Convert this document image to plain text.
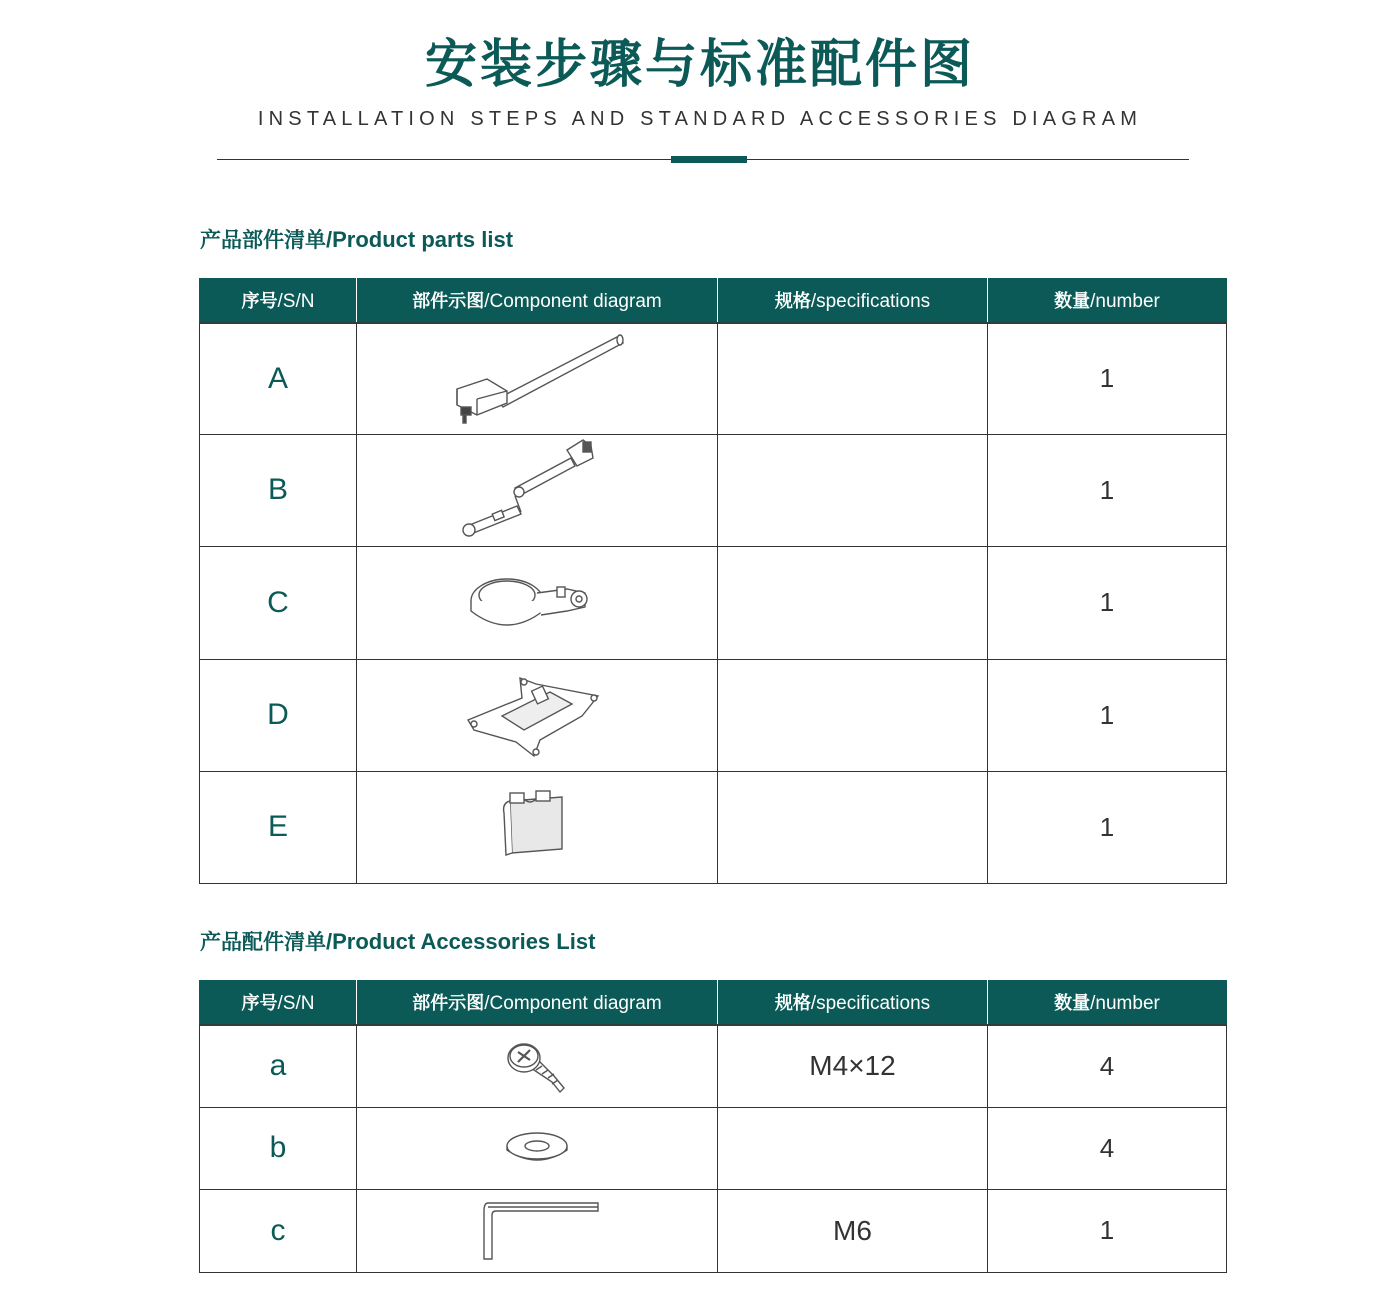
安装步骤与标准配件图

INSTALLATION STEPS AND STANDARD ACCESSORIES DIAGRAM

产品部件清单/Product parts list
序号/S/N	部件示图/Component diagram	规格/specifications	数量/number
A			1
B			1
C			1
D			1
E			1
产品配件清单/Product Accessories List
序号/S/N	部件示图/Component diagram	规格/specifications	数量/number
a		M4×12	4
b			4
c		M6	1
